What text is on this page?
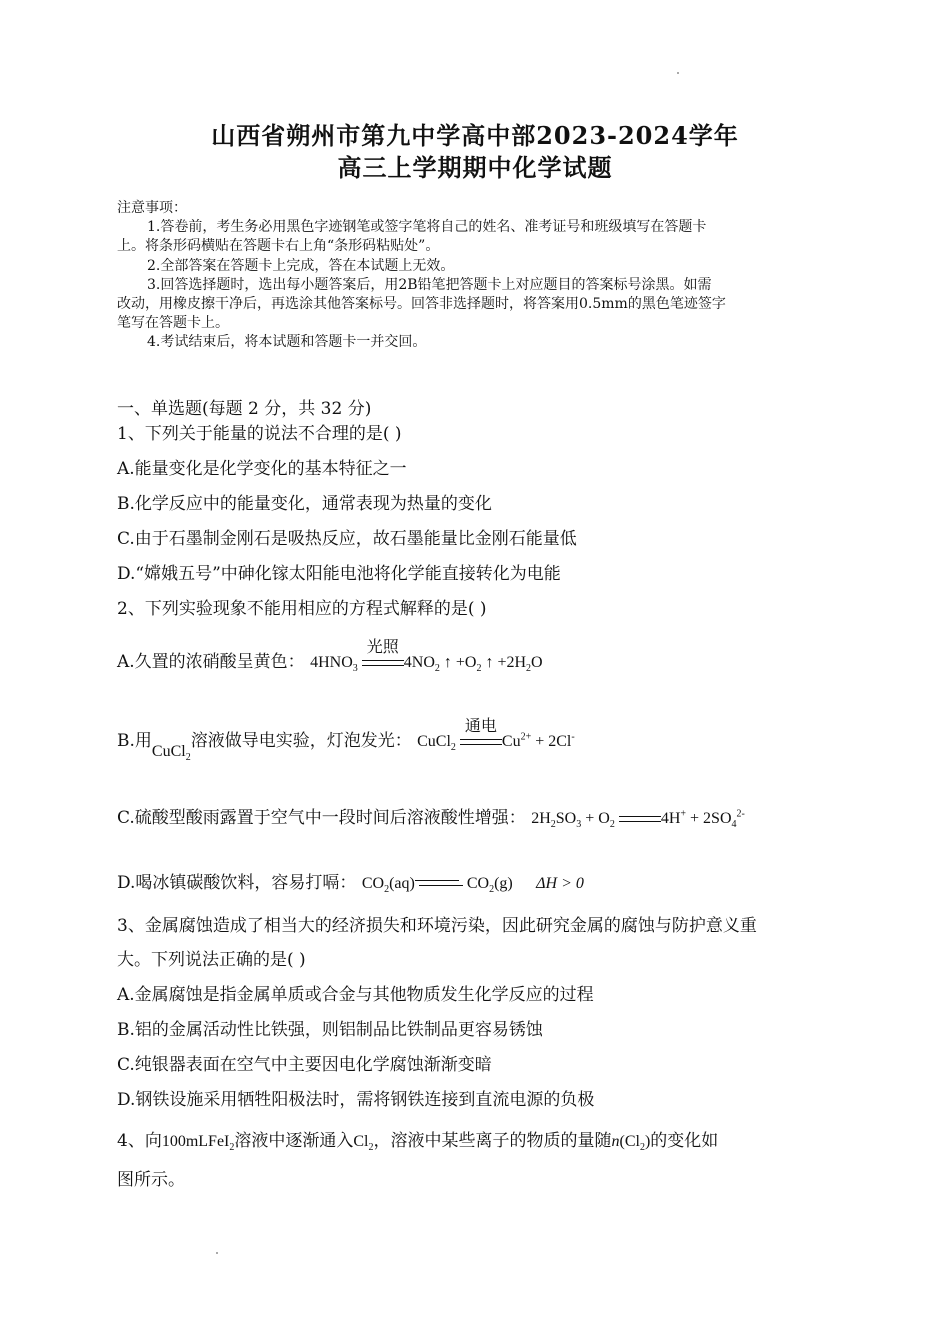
山西省朔州市第九中学高中部2023-2024学年
高三上学期期中化学试题
注意事项：
1.答卷前，考生务必用黑色字迹钢笔或签字笔将自己的姓名、准考证号和班级填写在答题卡
上。将条形码横贴在答题卡右上角“条形码粘贴处”。
2.全部答案在答题卡上完成，答在本试题上无效。
3.回答选择题时，选出每小题答案后，用2B铅笔把答题卡上对应题目的答案标号涂黑。如需
改动，用橡皮擦干净后，再选涂其他答案标号。回答非选择题时，将答案用0.5mm的黑色笔迹签字
笔写在答题卡上。
4.考试结束后，将本试题和答题卡一并交回。
一、单选题(每题 2 分，共 32 分)
1、下列关于能量的说法不合理的是( )
A.能量变化是化学变化的基本特征之一
B.化学反应中的能量变化，通常表现为热量的变化
C.由于石墨制金刚石是吸热反应，故石墨能量比金刚石能量低
D.“嫦娥五号”中砷化镓太阳能电池将化学能直接转化为电能
2、下列实验现象不能用相应的方程式解释的是( )
A.久置的浓硝酸呈黄色： $4HNO_3$
光照
$4NO_2$ ↑ $+O_2$ ↑ $+2H_2O$
B.用CuCl$_2$溶液做导电实验，灯泡发光： CuCl$_2$
通电
$Cu^{2+} + 2Cl^-$
C.硫酸型酸雨露置于空气中一段时间后溶液酸性增强： $2H_2SO_3 + O_2$	$4H^+ + 2SO_4^{2-}$
D.喝冰镇碳酸饮料，容易打嗝： $CO_2(aq)$	$CO_2(g) \Delta H > 0$
3、金属腐蚀造成了相当大的经济损失和环境污染，因此研究金属的腐蚀与防护意义重
大。下列说法正确的是( )
A.金属腐蚀是指金属单质或合金与其他物质发生化学反应的过程
B.铝的金属活动性比铁强，则铝制品比铁制品更容易锈蚀
C.纯银器表面在空气中主要因电化学腐蚀渐渐变暗
D.钢铁设施采用牺牲阳极法时，需将钢铁连接到直流电源的负极
4、向100mLFeI$_2$溶液中逐渐通入$Cl_2$，溶液中某些离子的物质的量随$n(Cl_2)$的变化如
图所示。
